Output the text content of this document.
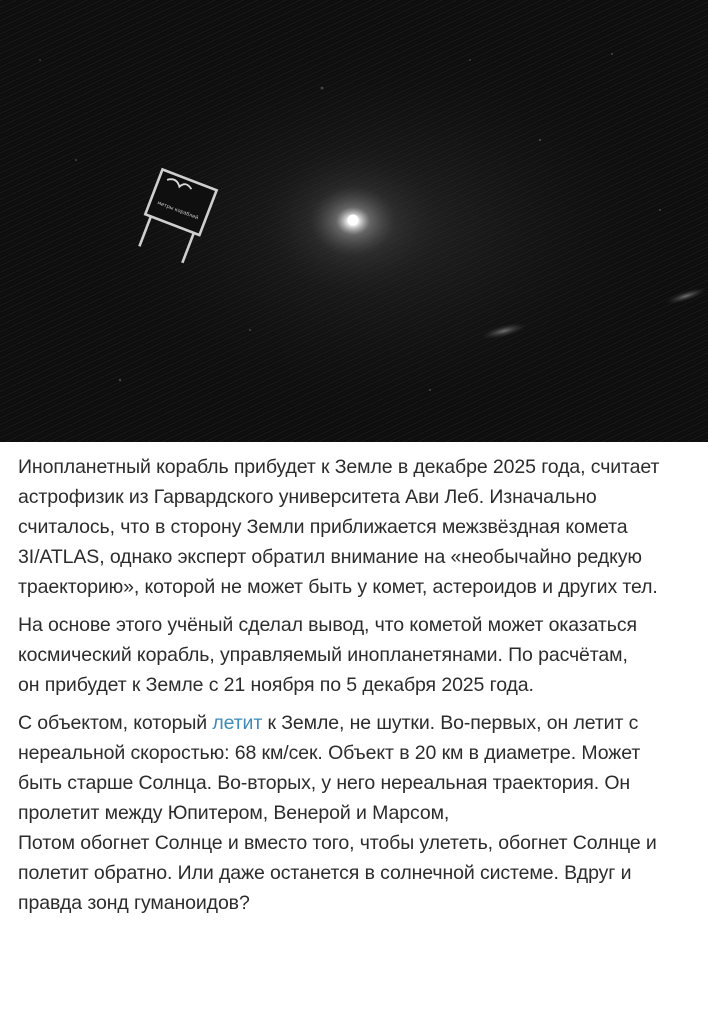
метры кораблей

Инопланетный корабль прибудет к Земле в декабре 2025 года, считает астрофизик из Гарвардского университета Ави Леб. Изначально считалось, что в сторону Земли приближается межзвёздная комета 3I/ATLAS, однако эксперт обратил внимание на «необычайно редкую траекторию», которой не может быть у комет, астероидов и других тел.

На основе этого учёный сделал вывод, что кометой может оказаться космический корабль, управляемый инопланетянами. По расчётам, он прибудет к Земле с 21 ноября по 5 декабря 2025 года.

С объектом, который летит к Земле, не шутки. Во-первых, он летит с нереальной скоростью: 68 км/сек. Объект в 20 км в диаметре. Может быть старше Солнца. Во-вторых, у него нереальная траектория. Он пролетит между Юпитером, Венерой и Марсом,
Потом обогнет Солнце и вместо того, чтобы улететь, обогнет Солнце и полетит обратно. Или даже останется в солнечной системе. Вдруг и правда зонд гуманоидов?
